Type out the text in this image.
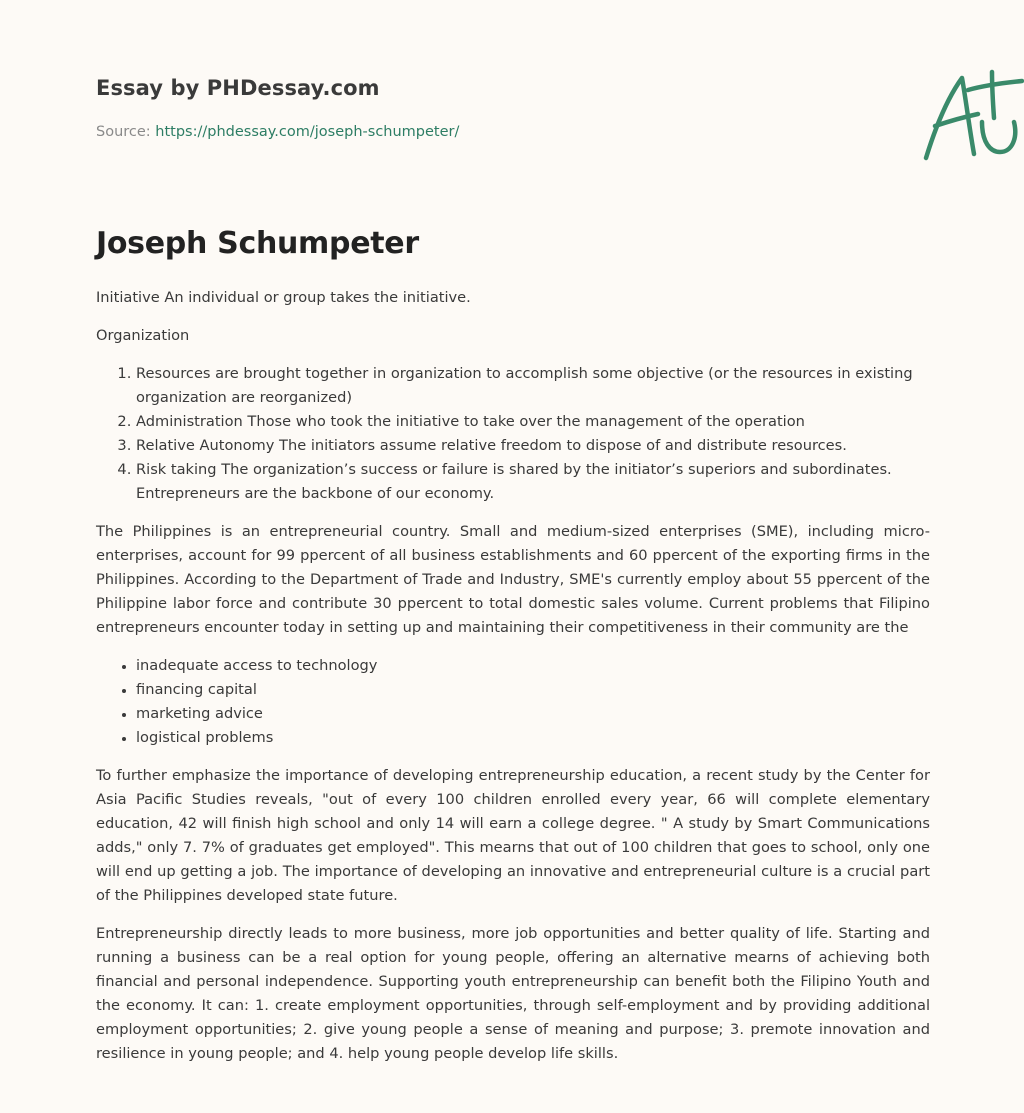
Essay by PHDessay.com
Source: https://phdessay.com/joseph-schumpeter/
Joseph Schumpeter

Initiative An individual or group takes the initiative.

Organization

1. Resources are brought together in organization to accomplish some objective (or the resources in existing organization are reorganized)
2. Administration Those who took the initiative to take over the management of the operation
3. Relative Autonomy The initiators assume relative freedom to dispose of and distribute resources.
4. Risk taking The organization’s success or failure is shared by the initiator’s superiors and subordinates. Entrepreneurs are the backbone of our economy.

The Philippines is an entrepreneurial country. Small and medium-sized enterprises (SME), including micro-enterprises, account for 99 ppercent of all business establishments and 60 ppercent of the exporting firms in the Philippines. According to the Department of Trade and Industry, SME's currently employ about 55 ppercent of the Philippine labor force and contribute 30 ppercent to total domestic sales volume. Current problems that Filipino entrepreneurs encounter today in setting up and maintaining their competitiveness in their community are the

• inadequate access to technology
• financing capital
• marketing advice
• logistical problems

To further emphasize the importance of developing entrepreneurship education, a recent study by the Center for Asia Pacific Studies reveals, "out of every 100 children enrolled every year, 66 will complete elementary education, 42 will finish high school and only 14 will earn a college degree. " A study by Smart Communications adds," only 7. 7% of graduates get employed". This mearns that out of 100 children that goes to school, only one will end up getting a job. The importance of developing an innovative and entrepreneurial culture is a crucial part of the Philippines developed state future.

Entrepreneurship directly leads to more business, more job opportunities and better quality of life. Starting and running a business can be a real option for young people, offering an alternative mearns of achieving both financial and personal independence. Supporting youth entrepreneurship can benefit both the Filipino Youth and the economy. It can: 1. create employment opportunities, through self-employment and by providing additional employment opportunities; 2. give young people a sense of meaning and purpose; 3. premote innovation and resilience in young people; and 4. help young people develop life skills.
